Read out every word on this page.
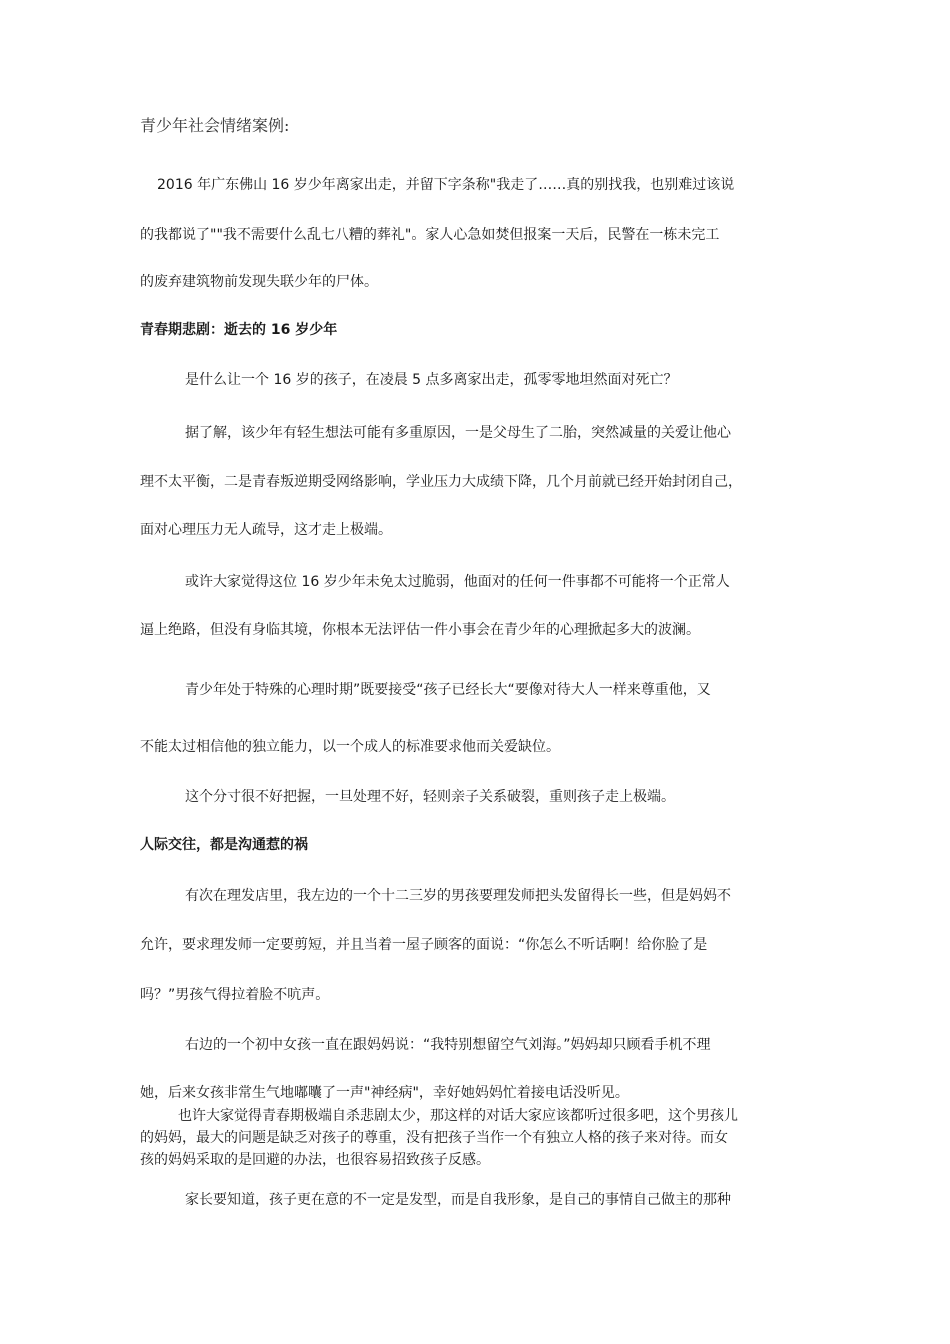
青少年社会情绪案例:
2016 年广东佛山 16 岁少年离家出走，并留下字条称"我走了……真的别找我，也别难过该说
的我都说了""我不需要什么乱七八糟的葬礼"。家人心急如焚但报案一天后，民警在一栋未完工
的废弃建筑物前发现失联少年的尸体。
青春期悲剧：逝去的 16 岁少年
是什么让一个 16 岁的孩子，在凌晨 5 点多离家出走，孤零零地坦然面对死亡？
据了解，该少年有轻生想法可能有多重原因，一是父母生了二胎，突然减量的关爱让他心
理不太平衡，二是青春叛逆期受网络影响，学业压力大成绩下降，几个月前就已经开始封闭自己，
面对心理压力无人疏导，这才走上极端。
或许大家觉得这位 16 岁少年未免太过脆弱，他面对的任何一件事都不可能将一个正常人
逼上绝路，但没有身临其境，你根本无法评估一件小事会在青少年的心理掀起多大的波澜。
青少年处于特殊的心理时期”既要接受“孩子已经长大“要像对待大人一样来尊重他，又
不能太过相信他的独立能力，以一个成人的标准要求他而关爱缺位。
这个分寸很不好把握，一旦处理不好，轻则亲子关系破裂，重则孩子走上极端。
人际交往，都是沟通惹的祸
有次在理发店里，我左边的一个十二三岁的男孩要理发师把头发留得长一些，但是妈妈不
允许，要求理发师一定要剪短，并且当着一屋子顾客的面说：“你怎么不听话啊！给你脸了是
吗？”男孩气得拉着脸不吭声。
右边的一个初中女孩一直在跟妈妈说：“我特别想留空气刘海。”妈妈却只顾看手机不理
她，后来女孩非常生气地嘟囔了一声"神经病"，幸好她妈妈忙着接电话没听见。
也许大家觉得青春期极端自杀悲剧太少，那这样的对话大家应该都听过很多吧，这个男孩儿
的妈妈，最大的问题是缺乏对孩子的尊重，没有把孩子当作一个有独立人格的孩子来对待。而女
孩的妈妈采取的是回避的办法，也很容易招致孩子反感。
家长要知道，孩子更在意的不一定是发型，而是自我形象，是自己的事情自己做主的那种
